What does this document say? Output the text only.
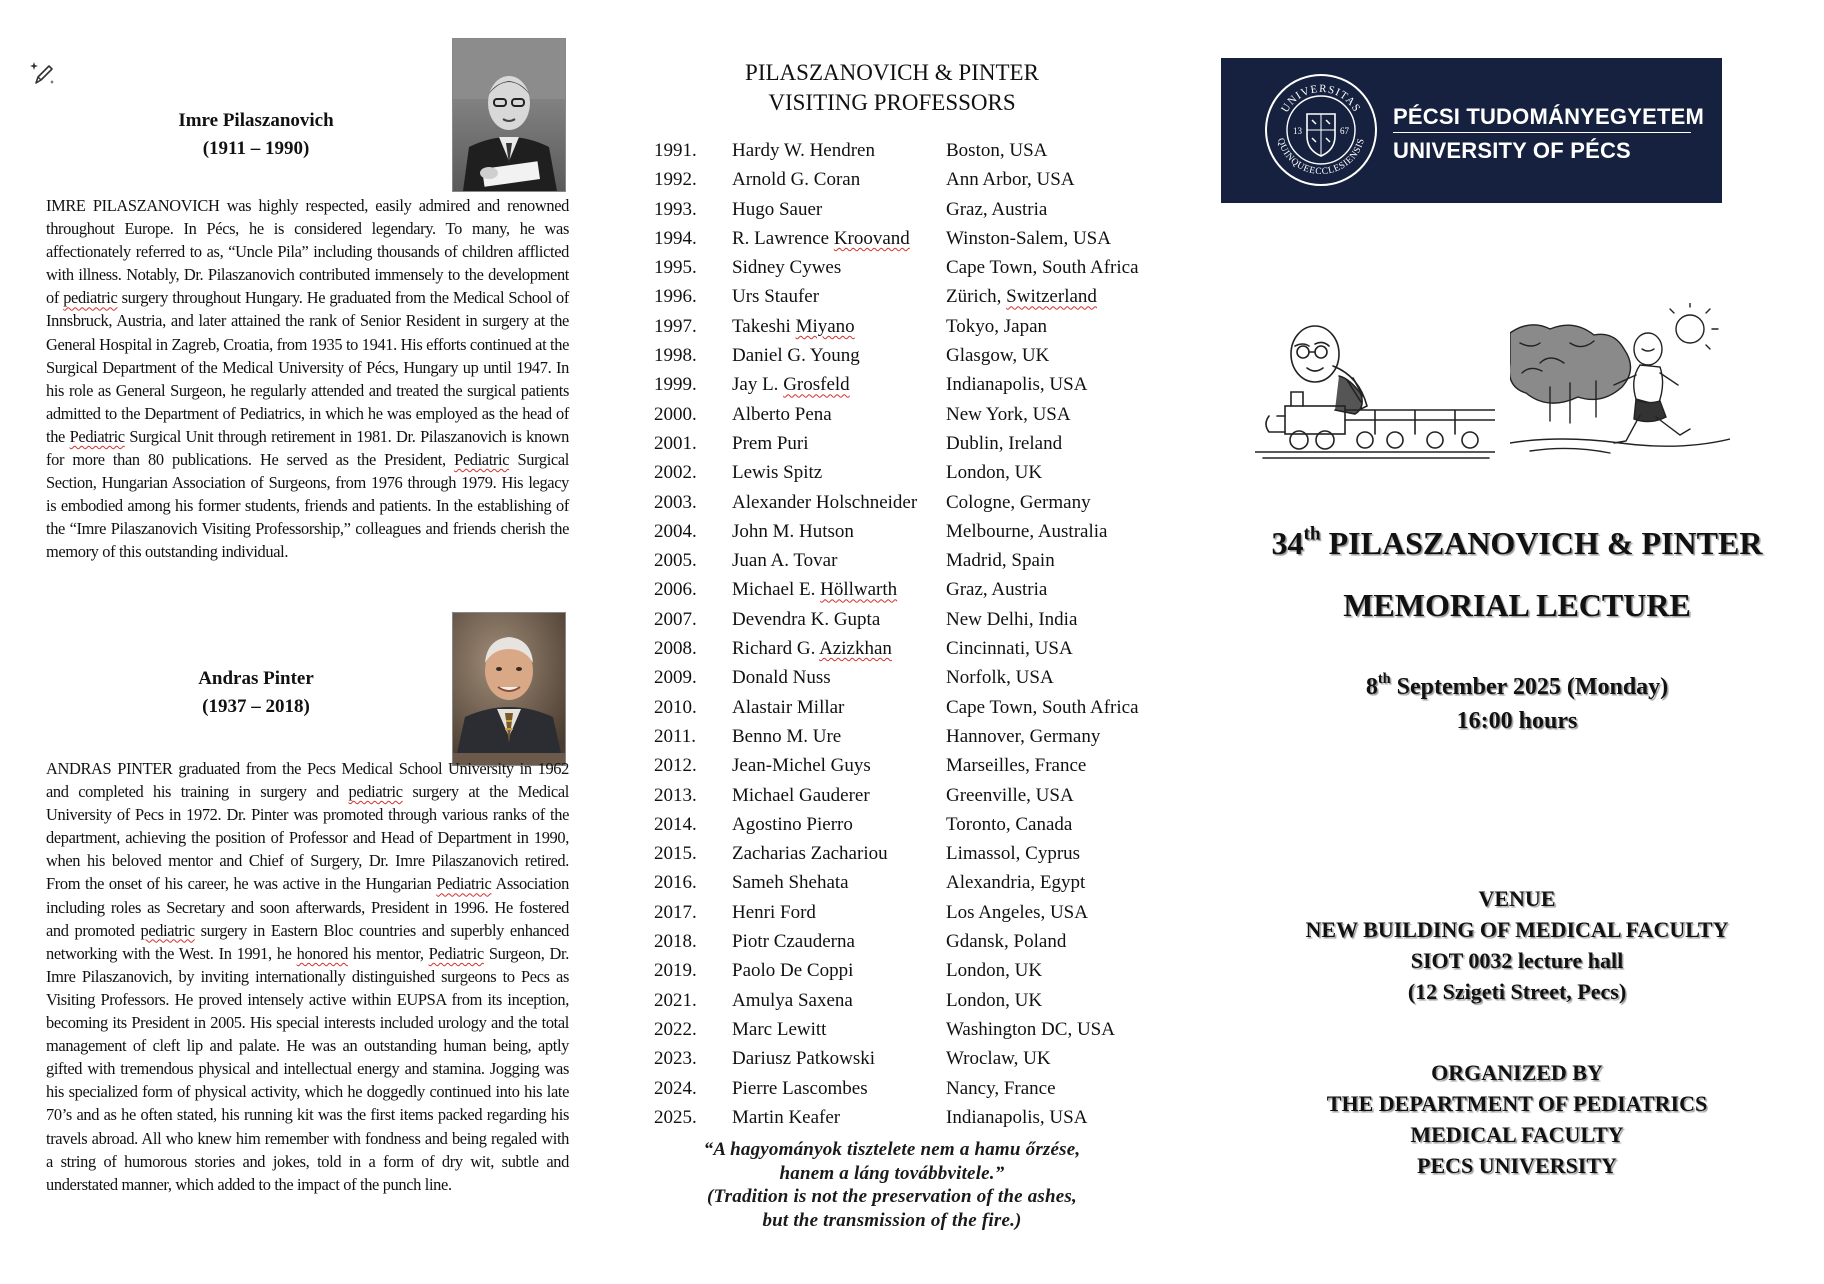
Imre Pilaszanovich
(1911 – 1990)
IMRE PILASZANOVICH was highly respected, easily admired and renowned throughout Europe. In Pécs, he is considered legendary. To many, he was affectionately referred to as, “Uncle Pila” including thousands of children afflicted with illness. Notably, Dr. Pilaszanovich contributed immensely to the development of pediatric surgery throughout Hungary. He graduated from the Medical School of Innsbruck, Austria, and later attained the rank of Senior Resident in surgery at the General Hospital in Zagreb, Croatia, from 1935 to 1941. His efforts continued at the Surgical Department of the Medical University of Pécs, Hungary up until 1947. In his role as General Surgeon, he regularly attended and treated the surgical patients admitted to the Department of Pediatrics, in which he was employed as the head of the Pediatric Surgical Unit through retirement in 1981. Dr. Pilaszanovich is known for more than 80 publications. He served as the President, Pediatric Surgical Section, Hungarian Association of Surgeons, from 1976 through 1979. His legacy is embodied among his former students, friends and patients. In the establishing of the “Imre Pilaszanovich Visiting Professorship,” colleagues and friends cherish the memory of this outstanding individual.
Andras Pinter
(1937 – 2018)
ANDRAS PINTER graduated from the Pecs Medical School University in 1962 and completed his training in surgery and pediatric surgery at the Medical University of Pecs in 1972. Dr. Pinter was promoted through various ranks of the department, achieving the position of Professor and Head of Department in 1990, when his beloved mentor and Chief of Surgery, Dr. Imre Pilaszanovich retired. From the onset of his career, he was active in the Hungarian Pediatric Association including roles as Secretary and soon afterwards, President in 1996. He fostered and promoted pediatric surgery in Eastern Bloc countries and superbly enhanced networking with the West. In 1991, he honored his mentor, Pediatric Surgeon, Dr. Imre Pilaszanovich, by inviting internationally distinguished surgeons to Pecs as Visiting Professors. He proved intensely active within EUPSA from its inception, becoming its President in 2005. His special interests included urology and the total management of cleft lip and palate. He was an outstanding human being, aptly gifted with tremendous physical and intellectual energy and stamina. Jogging was his specialized form of physical activity, which he doggedly continued into his late 70’s and as he often stated, his running kit was the first items packed regarding his travels abroad. All who knew him remember with fondness and being regaled with a string of humorous stories and jokes, told in a form of dry wit, subtle and understated manner, which added to the impact of the punch line.
PILASZANOVICH & PINTER
VISITING PROFESSORS
1991.	Hardy W. Hendren	Boston, USA
1992.	Arnold G. Coran	Ann Arbor, USA
1993.	Hugo Sauer	Graz, Austria
1994.	R. Lawrence Kroovand	Winston-Salem, USA
1995.	Sidney Cywes	Cape Town, South Africa
1996.	Urs Staufer	Zürich, Switzerland
1997.	Takeshi Miyano	Tokyo, Japan
1998.	Daniel G. Young	Glasgow, UK
1999.	Jay L. Grosfeld	Indianapolis, USA
2000.	Alberto Pena	New York, USA
2001.	Prem Puri	Dublin, Ireland
2002.	Lewis Spitz	London, UK
2003.	Alexander Holschneider	Cologne, Germany
2004.	John M. Hutson	Melbourne, Australia
2005.	Juan A. Tovar	Madrid, Spain
2006.	Michael E. Höllwarth	Graz, Austria
2007.	Devendra K. Gupta	New Delhi, India
2008.	Richard G. Azizkhan	Cincinnati, USA
2009.	Donald Nuss	Norfolk, USA
2010.	Alastair Millar	Cape Town, South Africa
2011.	Benno M. Ure	Hannover, Germany
2012.	Jean-Michel Guys	Marseilles, France
2013.	Michael Gauderer	Greenville, USA
2014.	Agostino Pierro	Toronto, Canada
2015.	Zacharias Zachariou	Limassol, Cyprus
2016.	Sameh Shehata	Alexandria, Egypt
2017.	Henri Ford	Los Angeles, USA
2018.	Piotr Czauderna	Gdansk, Poland
2019.	Paolo De Coppi	London, UK
2021.	Amulya Saxena	London, UK
2022.	Marc Lewitt	Washington DC, USA
2023.	Dariusz Patkowski	Wroclaw, UK
2024.	Pierre Lascombes	Nancy, France
2025.	Martin Keafer	Indianapolis, USA
“A hagyományok tisztelete nem a hamu őrzése,
hanem a láng továbbvitele.”
(Tradition is not the preservation of the ashes,
but the transmission of the fire.)
UNIVERSITAS
QUINQUEECCLESIENSIS
13	67
PÉCSI TUDOMÁNYEGYETEM
UNIVERSITY OF PÉCS
34th PILASZANOVICH & PINTER
MEMORIAL LECTURE
8th September 2025 (Monday)
16:00 hours
VENUE
NEW BUILDING OF MEDICAL FACULTY
SIOT 0032 lecture hall
(12 Szigeti Street, Pecs)
ORGANIZED BY
THE DEPARTMENT OF PEDIATRICS
MEDICAL FACULTY
PECS UNIVERSITY
